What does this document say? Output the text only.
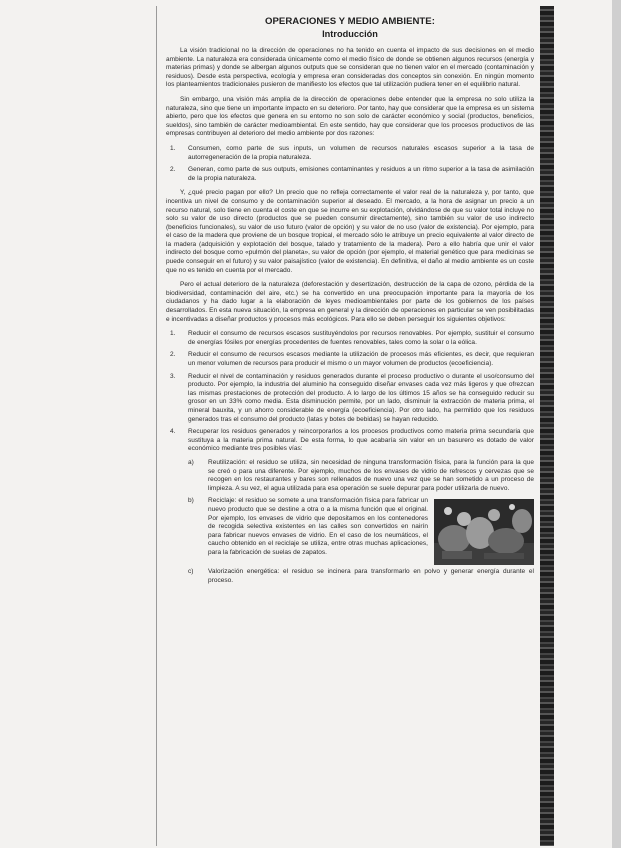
OPERACIONES Y MEDIO AMBIENTE:
Introducción

La visión tradicional no la dirección de operaciones no ha tenido en cuenta el impacto de sus decisiones en el medio ambiente. La naturaleza era considerada únicamente como el medio físico de donde se obtienen algunos recursos (energía y materias primas) y donde se albergan algunos outputs que se consideran que no tienen valor en el mercado (contaminación y residuos). Desde esta perspectiva, ecología y empresa eran consideradas dos conceptos sin conexión. En ningún momento los planteamientos tradicionales pusieron de manifiesto los efectos que tal utilización pudiera tener en el equilibrio natural.

Sin embargo, una visión más amplia de la dirección de operaciones debe entender que la empresa no solo utiliza la naturaleza, sino que tiene un importante impacto en su deterioro. Por tanto, hay que considerar que la empresa es un sistema abierto, pero que los efectos que genera en su entorno no son solo de carácter económico y social (productos, beneficios, sueldos), sino también de carácter medioambiental. En este sentido, hay que considerar que los procesos productivos de las empresas contribuyen al deterioro del medio ambiente por dos razones:

1. Consumen, como parte de sus inputs, un volumen de recursos naturales escasos superior a la tasa de autorregeneración de la propia naturaleza.
2. Generan, como parte de sus outputs, emisiones contaminantes y residuos a un ritmo superior a la tasa de asimilación de la propia naturaleza.

Y, ¿qué precio pagan por ello? Un precio que no refleja correctamente el valor real de la naturaleza y, por tanto, que incentiva un nivel de consumo y de contaminación superior al deseado. El mercado, a la hora de asignar un precio a un recurso natural, solo tiene en cuenta el coste en que se incurre en su explotación, olvidándose de que su valor total incluye no solo su valor de uso directo (productos que se pueden consumir directamente), sino también su valor de uso indirecto (beneficios funcionales), su valor de uso futuro (valor de opción) y su valor de no uso (valor de existencia). Por ejemplo, para el caso de la madera que proviene de un bosque tropical, el mercado sólo le atribuye un precio equivalente al valor directo de la madera (adquisición y explotación del bosque, talado y tratamiento de la madera). Pero a ello habría que unir el valor indirecto del bosque como «pulmón del planeta», su valor de opción (por ejemplo, el material genético que para medicinas se puede conseguir en el futuro) y su valor paisajístico (valor de existencia). En definitiva, el daño al medio ambiente es un coste que no es tenido en cuenta por el mercado.

Pero el actual deterioro de la naturaleza (deforestación y desertización, destrucción de la capa de ozono, pérdida de la biodiversidad, contaminación del aire, etc.) se ha convertido en una preocupación importante para la mayoría de los ciudadanos y ha dado lugar a la elaboración de leyes medioambientales por parte de los gobiernos de los países desarrollados. En esta nueva situación, la empresa en general y la dirección de operaciones en particular se ven posibilitadas e incentivadas a diseñar productos y procesos más ecológicos. Para ello se deben perseguir los siguientes objetivos:

1. Reducir el consumo de recursos escasos sustituyéndolos por recursos renovables. Por ejemplo, sustituir el consumo de energías fósiles por energías procedentes de fuentes renovables, tales como la solar o la eólica.
2. Reducir el consumo de recursos escasos mediante la utilización de procesos más eficientes, es decir, que requieran un menor volumen de recursos para producir el mismo o un mayor volumen de productos (ecoeficiencia).
3. Reducir el nivel de contaminación y residuos generados durante el proceso productivo o durante el uso/consumo del producto. Por ejemplo, la industria del aluminio ha conseguido diseñar envases cada vez más ligeros y que ofrezcan las mismas prestaciones de protección del producto. A lo largo de los últimos 15 años se ha conseguido reducir su grosor en un 33% como media. Esta disminución permite, por un lado, disminuir la extracción de materia prima, el mineral bauxita, y un ahorro considerable de energía (ecoeficiencia). Por otro lado, ha permitido que los residuos generados tras el consumo del producto (latas y botes de bebidas) se hayan reducido.
4. Recuperar los residuos generados y reincorporarlos a los procesos productivos como materia prima secundaria que sustituya a la materia prima natural. De esta forma, lo que acabaría sin valor en un basurero es dotado de valor económico mediante tres posibles vías:
a) Reutilización: el residuo se utiliza, sin necesidad de ninguna transformación física, para la función para la que se creó o para una diferente. Por ejemplo, muchos de los envases de vidrio de refrescos y cervezas que se recogen en los restaurantes y bares son rellenados de nuevo una vez que se han sometido a un proceso de limpieza. A su vez, el agua utilizada para esa operación se suele depurar para poder utilizarla de nuevo.
b) Reciclaje: el residuo se somete a una transformación física para fabricar un nuevo producto que se destine a otra o a la misma función que el original. Por ejemplo, los envases de vidrio que depositamos en los contenedores de recogida selectiva existentes en las calles son convertidos en nairín para fabricar nuevos envases de vidrio. En el caso de los neumáticos, el caucho obtenido en el reciclaje se utiliza, entre otras muchas aplicaciones, para la fabricación de suelas de zapatos.
c) Valorización energética: el residuo se incinera para transformarlo en polvo y generar energía durante el proceso.
